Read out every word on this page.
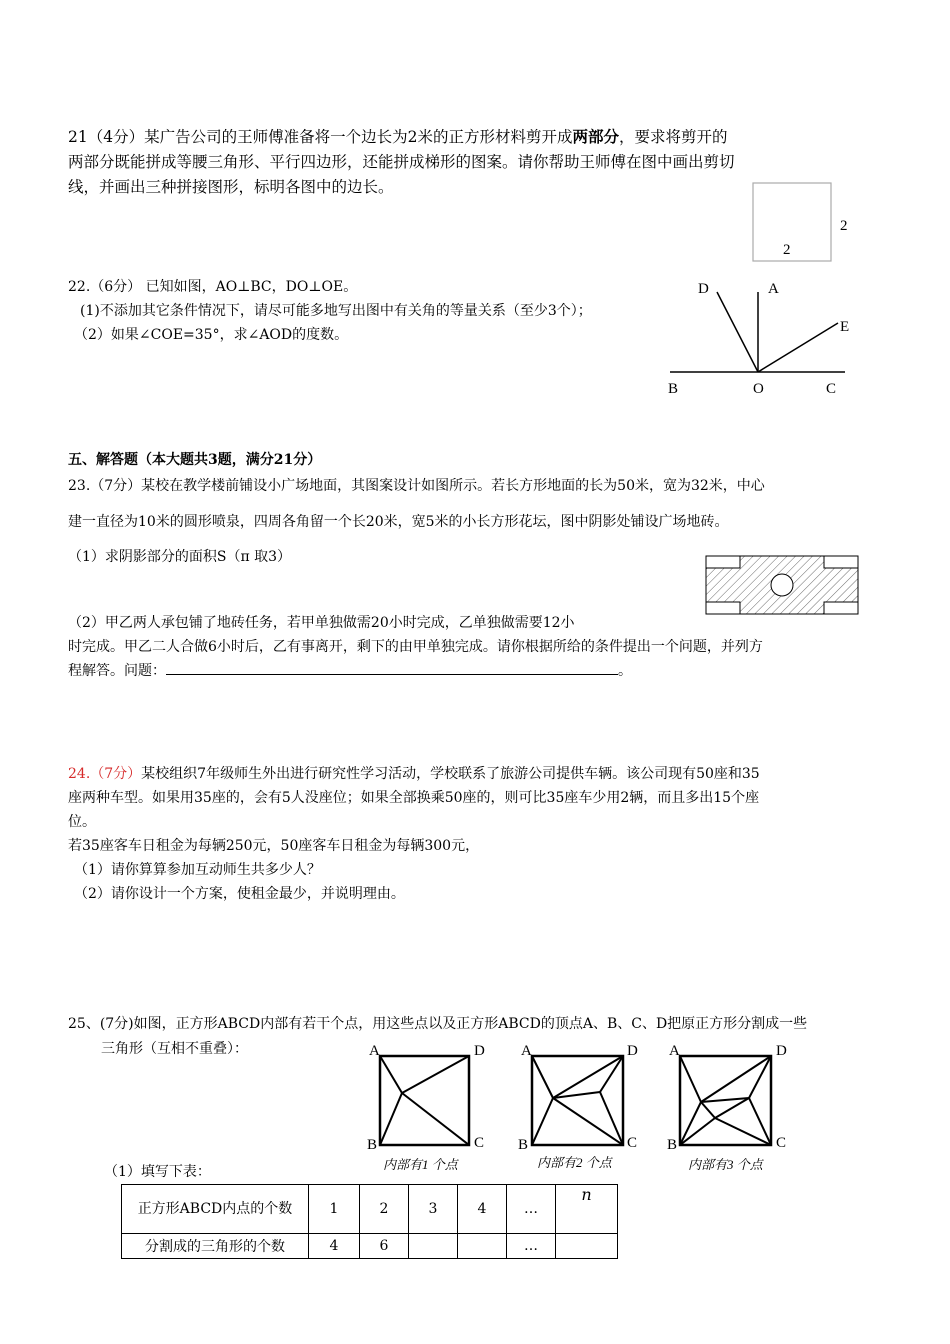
21（4分）某广告公司的王师傅准备将一个边长为2米的正方形材料剪开成两部分，要求将剪开的
两部分既能拼成等腰三角形、平行四边形，还能拼成梯形的图案。请你帮助王师傅在图中画出剪切
线，并画出三种拼接图形，标明各图中的边长。
2
2
22.（6分） 已知如图，AO⊥BC，DO⊥OE。
(1)不添加其它条件情况下，请尽可能多地写出图中有关角的等量关系（至少3个）；
（2）如果∠COE=35°，求∠AOD的度数。
D	A
E
B	O	C
五、解答题（本大题共3题，满分21分）
23.（7分）某校在教学楼前铺设小广场地面，其图案设计如图所示。若长方形地面的长为50米，宽为32米，中心
建一直径为10米的圆形喷泉，四周各角留一个长20米，宽5米的小长方形花坛，图中阴影处铺设广场地砖。
（1）求阴影部分的面积S（π 取3）
（2）甲乙两人承包铺了地砖任务，若甲单独做需20小时完成，乙单独做需要12小
时完成。甲乙二人合做6小时后，乙有事离开，剩下的由甲单独完成。请你根据所给的条件提出一个问题，并列方
程解答。问题：	。
24.（7分）某校组织7年级师生外出进行研究性学习活动，学校联系了旅游公司提供车辆。该公司现有50座和35
座两种车型。如果用35座的，会有5人没座位；如果全部换乘50座的，则可比35座车少用2辆，而且多出15个座
位。
若35座客车日租金为每辆250元，50座客车日租金为每辆300元，
（1）请你算算参加互动师生共多少人？
（2）请你设计一个方案，使租金最少，并说明理由。
25、(7分)如图，正方形ABCD内部有若干个点，用这些点以及正方形ABCD的顶点A、B、C、D把原正方形分割成一些
三角形（互相不重叠）：	A	D
B	C
内部有1 个点
A	D
B	C
内部有2 个点
A	D
B	C
内部有3 个点
（1）填写下表：
正方形ABCD内点的个数	1	2	3	4	…	n
分割成的三角形的个数	4	6			…	
